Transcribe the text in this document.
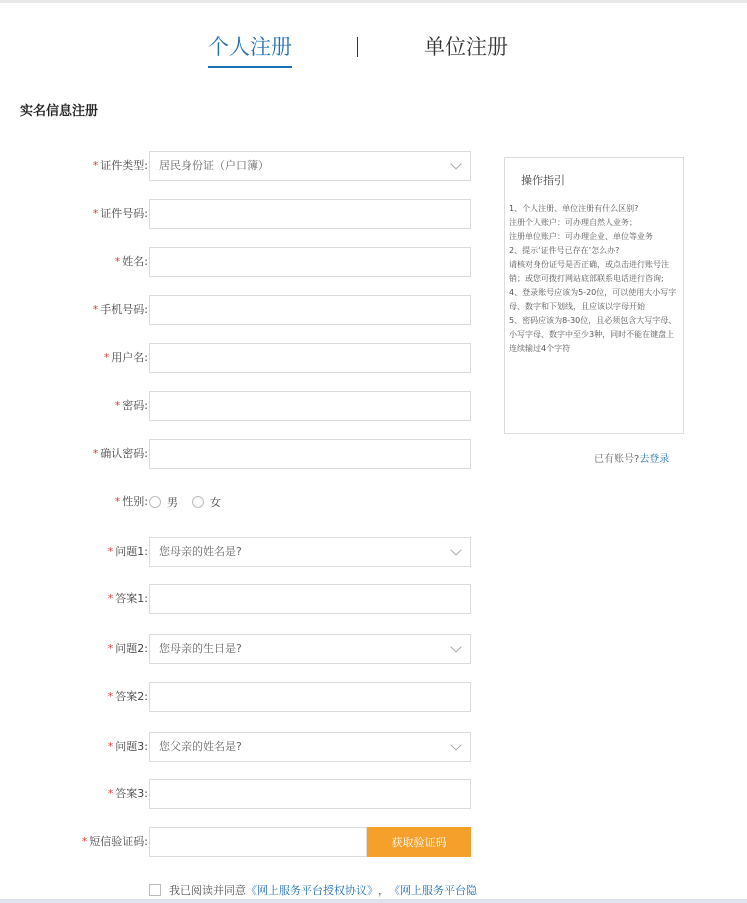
个人注册	单位注册
实名信息注册
* 证件类型:	居民身份证（户口簿）
* 证件号码:
* 姓名:
* 手机号码:
* 用户名:
* 密码:
* 确认密码:
* 性别: 男	女
* 问题1:	您母亲的姓名是?
* 答案1:
* 问题2:	您母亲的生日是?
* 答案2:
* 问题3:	您父亲的姓名是?
* 答案3:
* 短信验证码:	获取验证码
操作指引
1、个人注册、单位注册有什么区别?
注册个人账户：可办理自然人业务；
注册单位账户：可办理企业、单位等业务
2、提示‘证件号已存在’怎么办?
请核对身份证号是否正确，或点击进行账号注销；或您可拨打网站底部联系电话进行咨询;
4、登录账号应该为5-20位，可以使用大小写字母、数字和下划线，且应该以字母开始
5、密码应该为8-30位，且必须包含大写字母、小写字母、数字中至少3种，同时不能在键盘上连续输过4个字符
已有账号?去登录
我已阅读并同意 《网上服务平台授权协议》 ， 《网上服务平台隐
